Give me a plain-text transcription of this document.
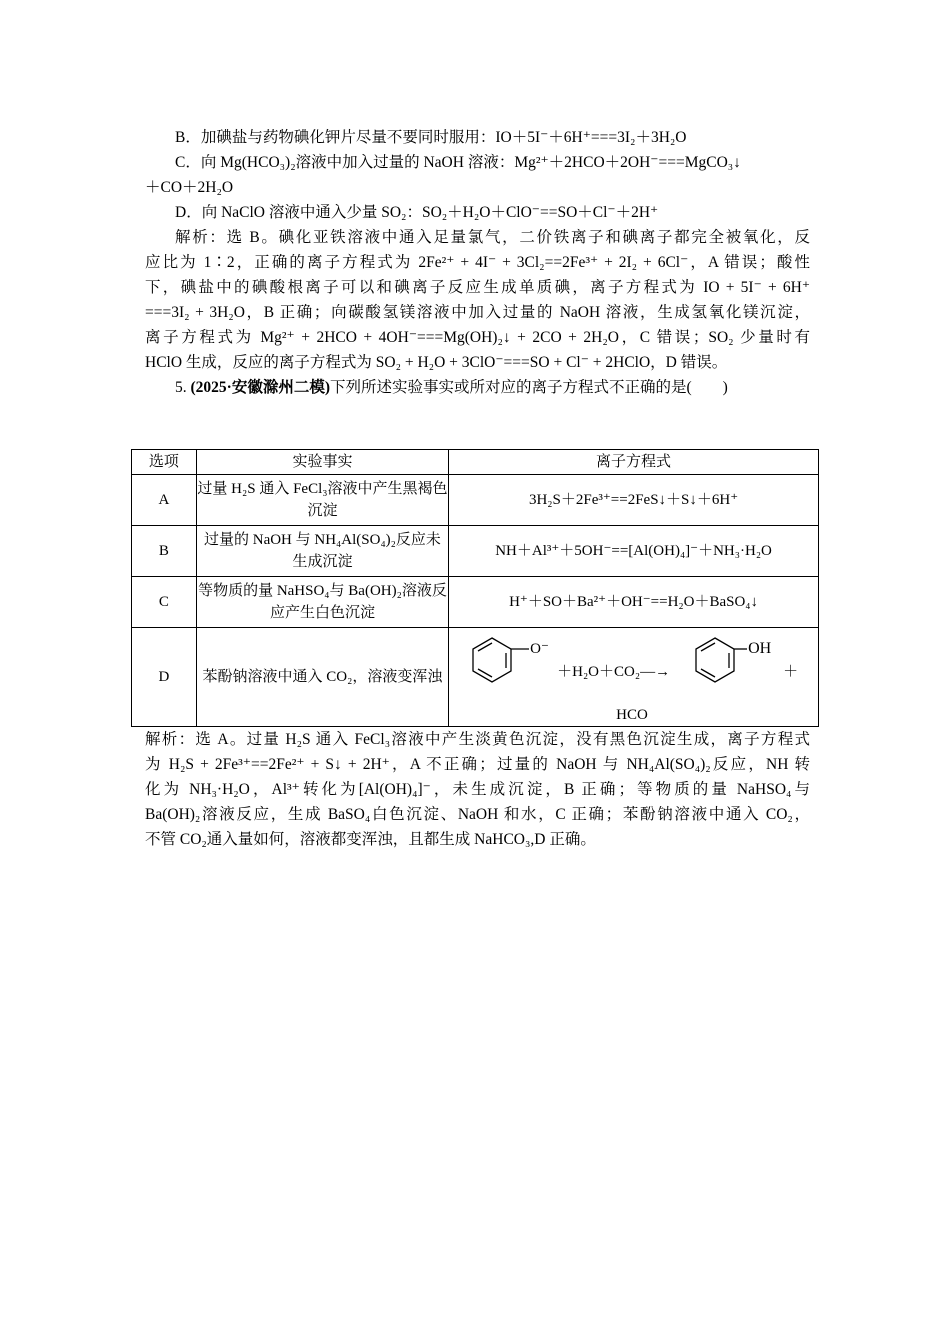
B．加碘盐与药物碘化钾片尽量不要同时服用：IO＋5I⁻＋6H⁺===3I₂＋3H₂O
C．向 Mg(HCO₃)₂溶液中加入过量的 NaOH 溶液：Mg²⁺＋2HCO＋2OH⁻===MgCO₃↓
＋CO＋2H₂O
D．向 NaClO 溶液中通入少量 SO₂：SO₂＋H₂O＋ClO⁻==SO＋Cl⁻＋2H⁺
解析：选 B。碘化亚铁溶液中通入足量氯气，二价铁离子和碘离子都完全被氧化，反
应比为 1∶2，正确的离子方程式为 2Fe²⁺ + 4I⁻ + 3Cl₂==2Fe³⁺ + 2I₂ + 6Cl⁻，A 错误；酸性
下，碘盐中的碘酸根离子可以和碘离子反应生成单质碘，离子方程式为 IO + 5I⁻ + 6H⁺
===3I₂ + 3H₂O，B 正确；向碳酸氢镁溶液中加入过量的 NaOH 溶液，生成氢氧化镁沉淀，
离子方程式为 Mg²⁺ + 2HCO + 4OH⁻===Mg(OH)₂↓ + 2CO + 2H₂O，C 错误；SO₂ 少量时有
HClO 生成，反应的离子方程式为 SO₂ + H₂O + 3ClO⁻===SO + Cl⁻ + 2HClO，D 错误。
5. (2025·安徽滁州二模)下列所述实验事实或所对应的离子方程式不正确的是(　　)
选项	实验事实	离子方程式
A	过量 H₂S 通入 FeCl₃溶液中产生黑褐色沉淀	3H₂S＋2Fe³⁺==2FeS↓＋S↓＋6H⁺
B	过量的 NaOH 与 NH₄Al(SO₄)₂反应未生成沉淀	NH＋Al³⁺＋5OH⁻==[Al(OH)₄]⁻＋NH₃·H₂O
C	等物质的量 NaHSO₄与 Ba(OH)₂溶液反应产生白色沉淀	H⁺＋SO＋Ba²⁺＋OH⁻==H₂O＋BaSO₄↓
D	苯酚钠溶液中通入 CO₂，溶液变浑浊	O⁻
＋H₂O＋CO₂—→
OH
＋
HCO
解析：选 A。过量 H₂S 通入 FeCl₃溶液中产生淡黄色沉淀，没有黑色沉淀生成，离子方程式
为 H₂S + 2Fe³⁺==2Fe²⁺ + S↓ + 2H⁺，A 不正确；过量的 NaOH 与 NH₄Al(SO₄)₂反应，NH 转
化为 NH₃·H₂O，Al³⁺转化为[Al(OH)₄]⁻，未生成沉淀，B 正确；等物质的量 NaHSO₄与
Ba(OH)₂溶液反应，生成 BaSO₄白色沉淀、NaOH 和水，C 正确；苯酚钠溶液中通入 CO₂，
不管 CO₂通入量如何，溶液都变浑浊，且都生成 NaHCO₃,D 正确。
